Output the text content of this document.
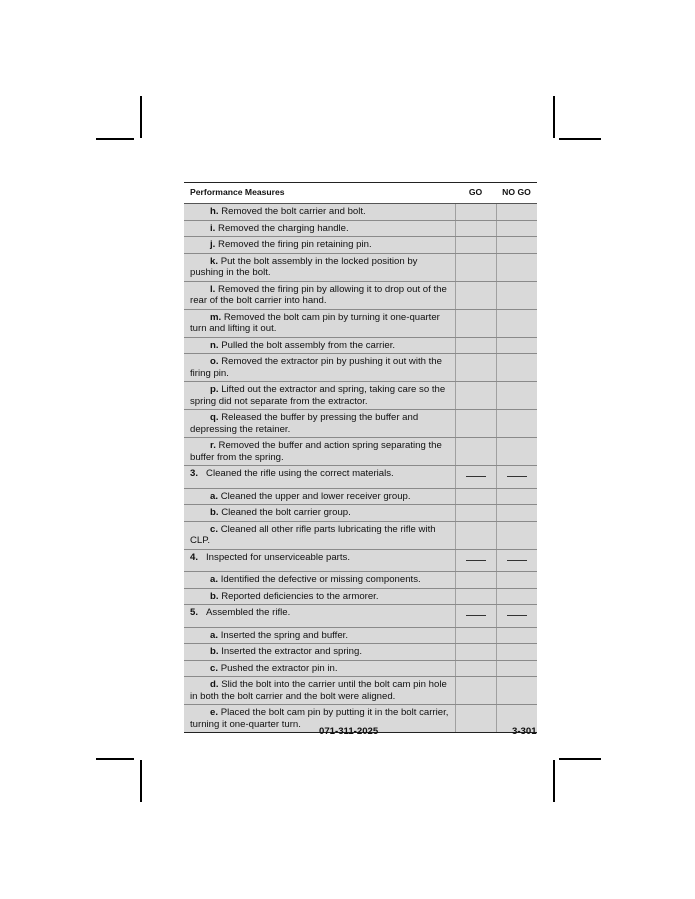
Performance Measures	GO	NO GO

h. Removed the bolt carrier and bolt.		

i. Removed the charging handle.		

j. Removed the firing pin retaining pin.		

k. Put the bolt assembly in the locked position by pushing in the bolt.		

l. Removed the firing pin by allowing it to drop out of the rear of the bolt carrier into hand.		

m. Removed the bolt cam pin by turning it one-quarter turn and lifting it out.		

n. Pulled the bolt assembly from the carrier.		

o. Removed the extractor pin by pushing it out with the firing pin.		

p. Lifted out the extractor and spring, taking care so the spring did not separate from the extractor.		

q. Released the buffer by pressing the buffer and depressing the retainer.		

r. Removed the buffer and action spring separating the buffer from the spring.		

3. Cleaned the rifle using the correct materials.		

a. Cleaned the upper and lower receiver group.		

b. Cleaned the bolt carrier group.		

c. Cleaned all other rifle parts lubricating the rifle with CLP.		

4. Inspected for unserviceable parts.		

a. Identified the defective or missing components.		

b. Reported deficiencies to the armorer.		

5. Assembled the rifle.		

a. Inserted the spring and buffer.		

b. Inserted the extractor and spring.		

c. Pushed the extractor pin in.		

d. Slid the bolt into the carrier until the bolt cam pin hole in both the bolt carrier and the bolt were aligned.		

e. Placed the bolt cam pin by putting it in the bolt carrier, turning it one-quarter turn.		

071-311-2025	3-301
